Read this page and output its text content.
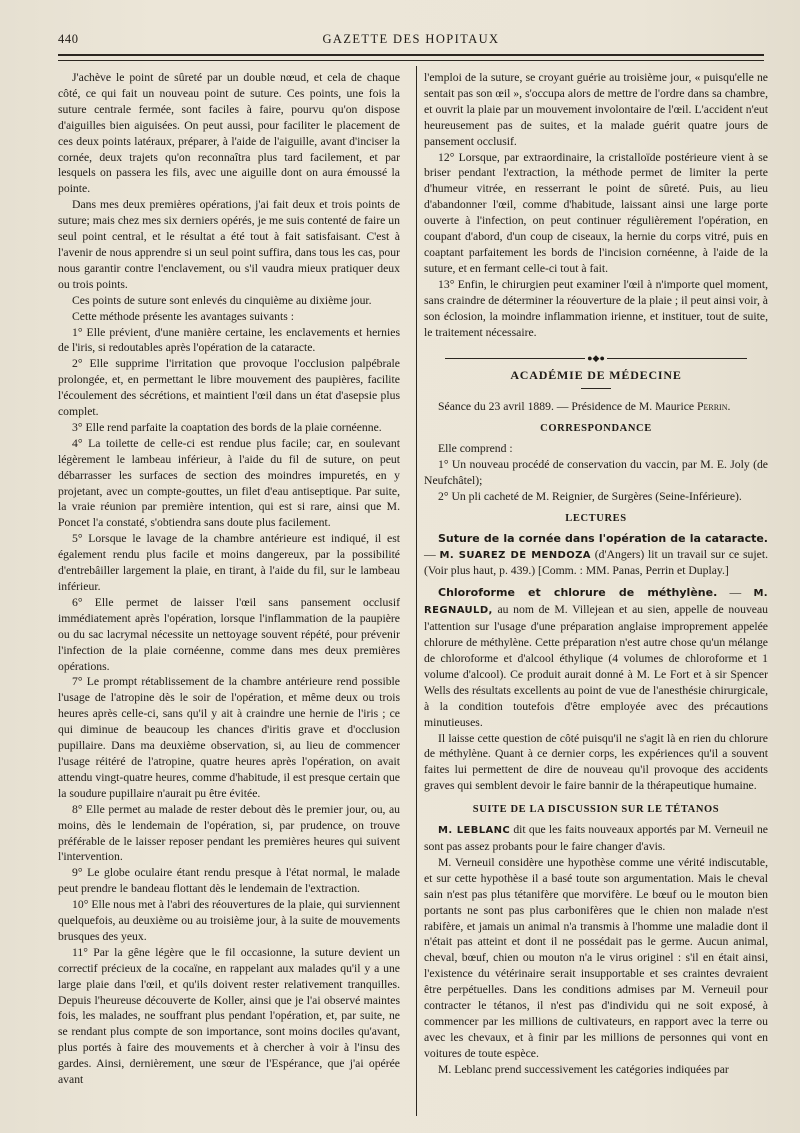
440	GAZETTE DES HOPITAUX

J'achève le point de sûreté par un double nœud, et cela de chaque côté, ce qui fait un nouveau point de suture. Ces points, une fois la suture centrale fermée, sont faciles à faire, pourvu qu'on dispose d'aiguilles bien aiguisées. On peut aussi, pour faciliter le placement de ces deux points latéraux, préparer, à l'aide de l'aiguille, avant d'inciser la cornée, deux trajets qu'on reconnaîtra plus tard facilement, et par lesquels on passera les fils, avec une aiguille dont on aura émoussé la pointe.

Dans mes deux premières opérations, j'ai fait deux et trois points de suture; mais chez mes six derniers opérés, je me suis contenté de faire un seul point central, et le résultat a été tout à fait satisfaisant. C'est à l'avenir de nous apprendre si un seul point suffira, dans tous les cas, pour nous garantir contre l'enclavement, ou s'il vaudra mieux pratiquer deux ou trois points.

Ces points de suture sont enlevés du cinquième au dixième jour.

Cette méthode présente les avantages suivants :

1° Elle prévient, d'une manière certaine, les enclavements et hernies de l'iris, si redoutables après l'opération de la cataracte.

2° Elle supprime l'irritation que provoque l'occlusion palpébrale prolongée, et, en permettant le libre mouvement des paupières, facilite l'écoulement des sécrétions, et maintient l'œil dans un état d'asepsie plus complet.

3° Elle rend parfaite la coaptation des bords de la plaie cornéenne.

4° La toilette de celle-ci est rendue plus facile; car, en soulevant légèrement le lambeau inférieur, à l'aide du fil de suture, on peut débarrasser les surfaces de section des moindres impuretés, en y projetant, avec un compte-gouttes, un filet d'eau antiseptique. Par suite, la vraie réunion par première intention, qui est si rare, ainsi que M. Poncet l'a constaté, s'obtiendra sans doute plus facilement.

5° Lorsque le lavage de la chambre antérieure est indiqué, il est également rendu plus facile et moins dangereux, par la possibilité d'entrebâiller largement la plaie, en tirant, à l'aide du fil, sur le lambeau inférieur.

6° Elle permet de laisser l'œil sans pansement occlusif immédiatement après l'opération, lorsque l'inflammation de la paupière ou du sac lacrymal nécessite un nettoyage souvent répété, pour prévenir l'infection de la plaie cornéenne, comme dans mes deux premières opérations.

7° Le prompt rétablissement de la chambre antérieure rend possible l'usage de l'atropine dès le soir de l'opération, et même deux ou trois heures après celle-ci, sans qu'il y ait à craindre une hernie de l'iris ; ce qui diminue de beaucoup les chances d'iritis grave et d'occlusion pupillaire. Dans ma deuxième observation, si, au lieu de commencer l'usage réitéré de l'atropine, quatre heures après l'opération, on avait attendu vingt-quatre heures, comme d'habitude, il est presque certain que la soudure pupillaire n'aurait pu être évitée.

8° Elle permet au malade de rester debout dès le premier jour, ou, au moins, dès le lendemain de l'opération, si, par prudence, on trouve préférable de le laisser reposer pendant les premières heures qui suivent l'intervention.

9° Le globe oculaire étant rendu presque à l'état normal, le malade peut prendre le bandeau flottant dès le lendemain de l'extraction.

10° Elle nous met à l'abri des réouvertures de la plaie, qui surviennent quelquefois, au deuxième ou au troisième jour, à la suite de mouvements brusques des yeux.

11° Par la gêne légère que le fil occasionne, la suture devient un correctif précieux de la cocaïne, en rappelant aux malades qu'il y a une large plaie dans l'œil, et qu'ils doivent rester relativement tranquilles. Depuis l'heureuse découverte de Koller, ainsi que je l'ai observé maintes fois, les malades, ne souffrant plus pendant l'opération, et, par suite, ne se rendant plus compte de son importance, sont moins dociles qu'avant, plus portés à faire des mouvements et à chercher à voir à l'insu des gardes. Ainsi, dernièrement, une sœur de l'Espérance, que j'ai opérée avant

l'emploi de la suture, se croyant guérie au troisième jour, « puisqu'elle ne sentait pas son œil », s'occupa alors de mettre de l'ordre dans sa chambre, et ouvrit la plaie par un mouvement involontaire de l'œil. L'accident n'eut heureusement pas de suites, et la malade guérit quatre jours de pansement occlusif.

12° Lorsque, par extraordinaire, la cristalloïde postérieure vient à se briser pendant l'extraction, la méthode permet de limiter la perte d'humeur vitrée, en resserrant le point de sûreté. Puis, au lieu d'abandonner l'œil, comme d'habitude, laissant ainsi une large porte ouverte à l'infection, on peut continuer régulièrement l'opération, en coupant d'abord, d'un coup de ciseaux, la hernie du corps vitré, puis en coaptant parfaitement les bords de l'incision cornéenne, à l'aide de la suture, et en fermant celle-ci tout à fait.

13° Enfin, le chirurgien peut examiner l'œil à n'importe quel moment, sans craindre de déterminer la réouverture de la plaie ; il peut ainsi voir, à son éclosion, la moindre inflammation irienne, et instituer, tout de suite, le traitement nécessaire.

●◆●
ACADÉMIE DE MÉDECINE

Séance du 23 avril 1889. — Présidence de M. Maurice Perrin.

CORRESPONDANCE

Elle comprend :

1° Un nouveau procédé de conservation du vaccin, par M. E. Joly (de Neufchâtel);

2° Un pli cacheté de M. Reignier, de Surgères (Seine-Inférieure).

LECTURES

Suture de la cornée dans l'opération de la cataracte. — M. SUAREZ DE MENDOZA (d'Angers) lit un travail sur ce sujet. (Voir plus haut, p. 439.) [Comm. : MM. Panas, Perrin et Duplay.]

Chloroforme et chlorure de méthylène. — M. REGNAULD, au nom de M. Villejean et au sien, appelle de nouveau l'attention sur l'usage d'une préparation anglaise improprement appelée chlorure de méthylène. Cette préparation n'est autre chose qu'un mélange de chloroforme et d'alcool éthylique (4 volumes de chloroforme et 1 volume d'alcool). Ce produit aurait donné à M. Le Fort et à sir Spencer Wells des résultats excellents au point de vue de l'anesthésie chirurgicale, à la condition toutefois d'être employée avec des précautions minutieuses.

Il laisse cette question de côté puisqu'il ne s'agit là en rien du chlorure de méthylène. Quant à ce dernier corps, les expériences qu'il a souvent faites lui permettent de dire de nouveau qu'il provoque des accidents graves qui semblent devoir le faire bannir de la thérapeutique humaine.

SUITE DE LA DISCUSSION SUR LE TÉTANOS

M. LEBLANC dit que les faits nouveaux apportés par M. Verneuil ne sont pas assez probants pour le faire changer d'avis.

M. Verneuil considère une hypothèse comme une vérité indiscutable, et sur cette hypothèse il a basé toute son argumentation. Mais le cheval sain n'est pas plus tétanifère que morvifère. Le bœuf ou le mouton bien portants ne sont pas plus carbonifères que le chien non malade n'est rabifère, et jamais un animal n'a transmis à l'homme une maladie dont il n'était pas atteint et dont il ne possédait pas le germe. Aucun animal, cheval, bœuf, chien ou mouton n'a le virus originel : s'il en était ainsi, l'existence du vétérinaire serait insupportable et ses craintes devraient être perpétuelles. Dans les conditions admises par M. Verneuil pour contracter le tétanos, il n'est pas d'individu qui ne soit exposé, à commencer par les millions de cultivateurs, en rapport avec la terre ou avec les chevaux, et à finir par les millions de personnes qui vont en voitures de toute espèce.

M. Leblanc prend successivement les catégories indiquées par
